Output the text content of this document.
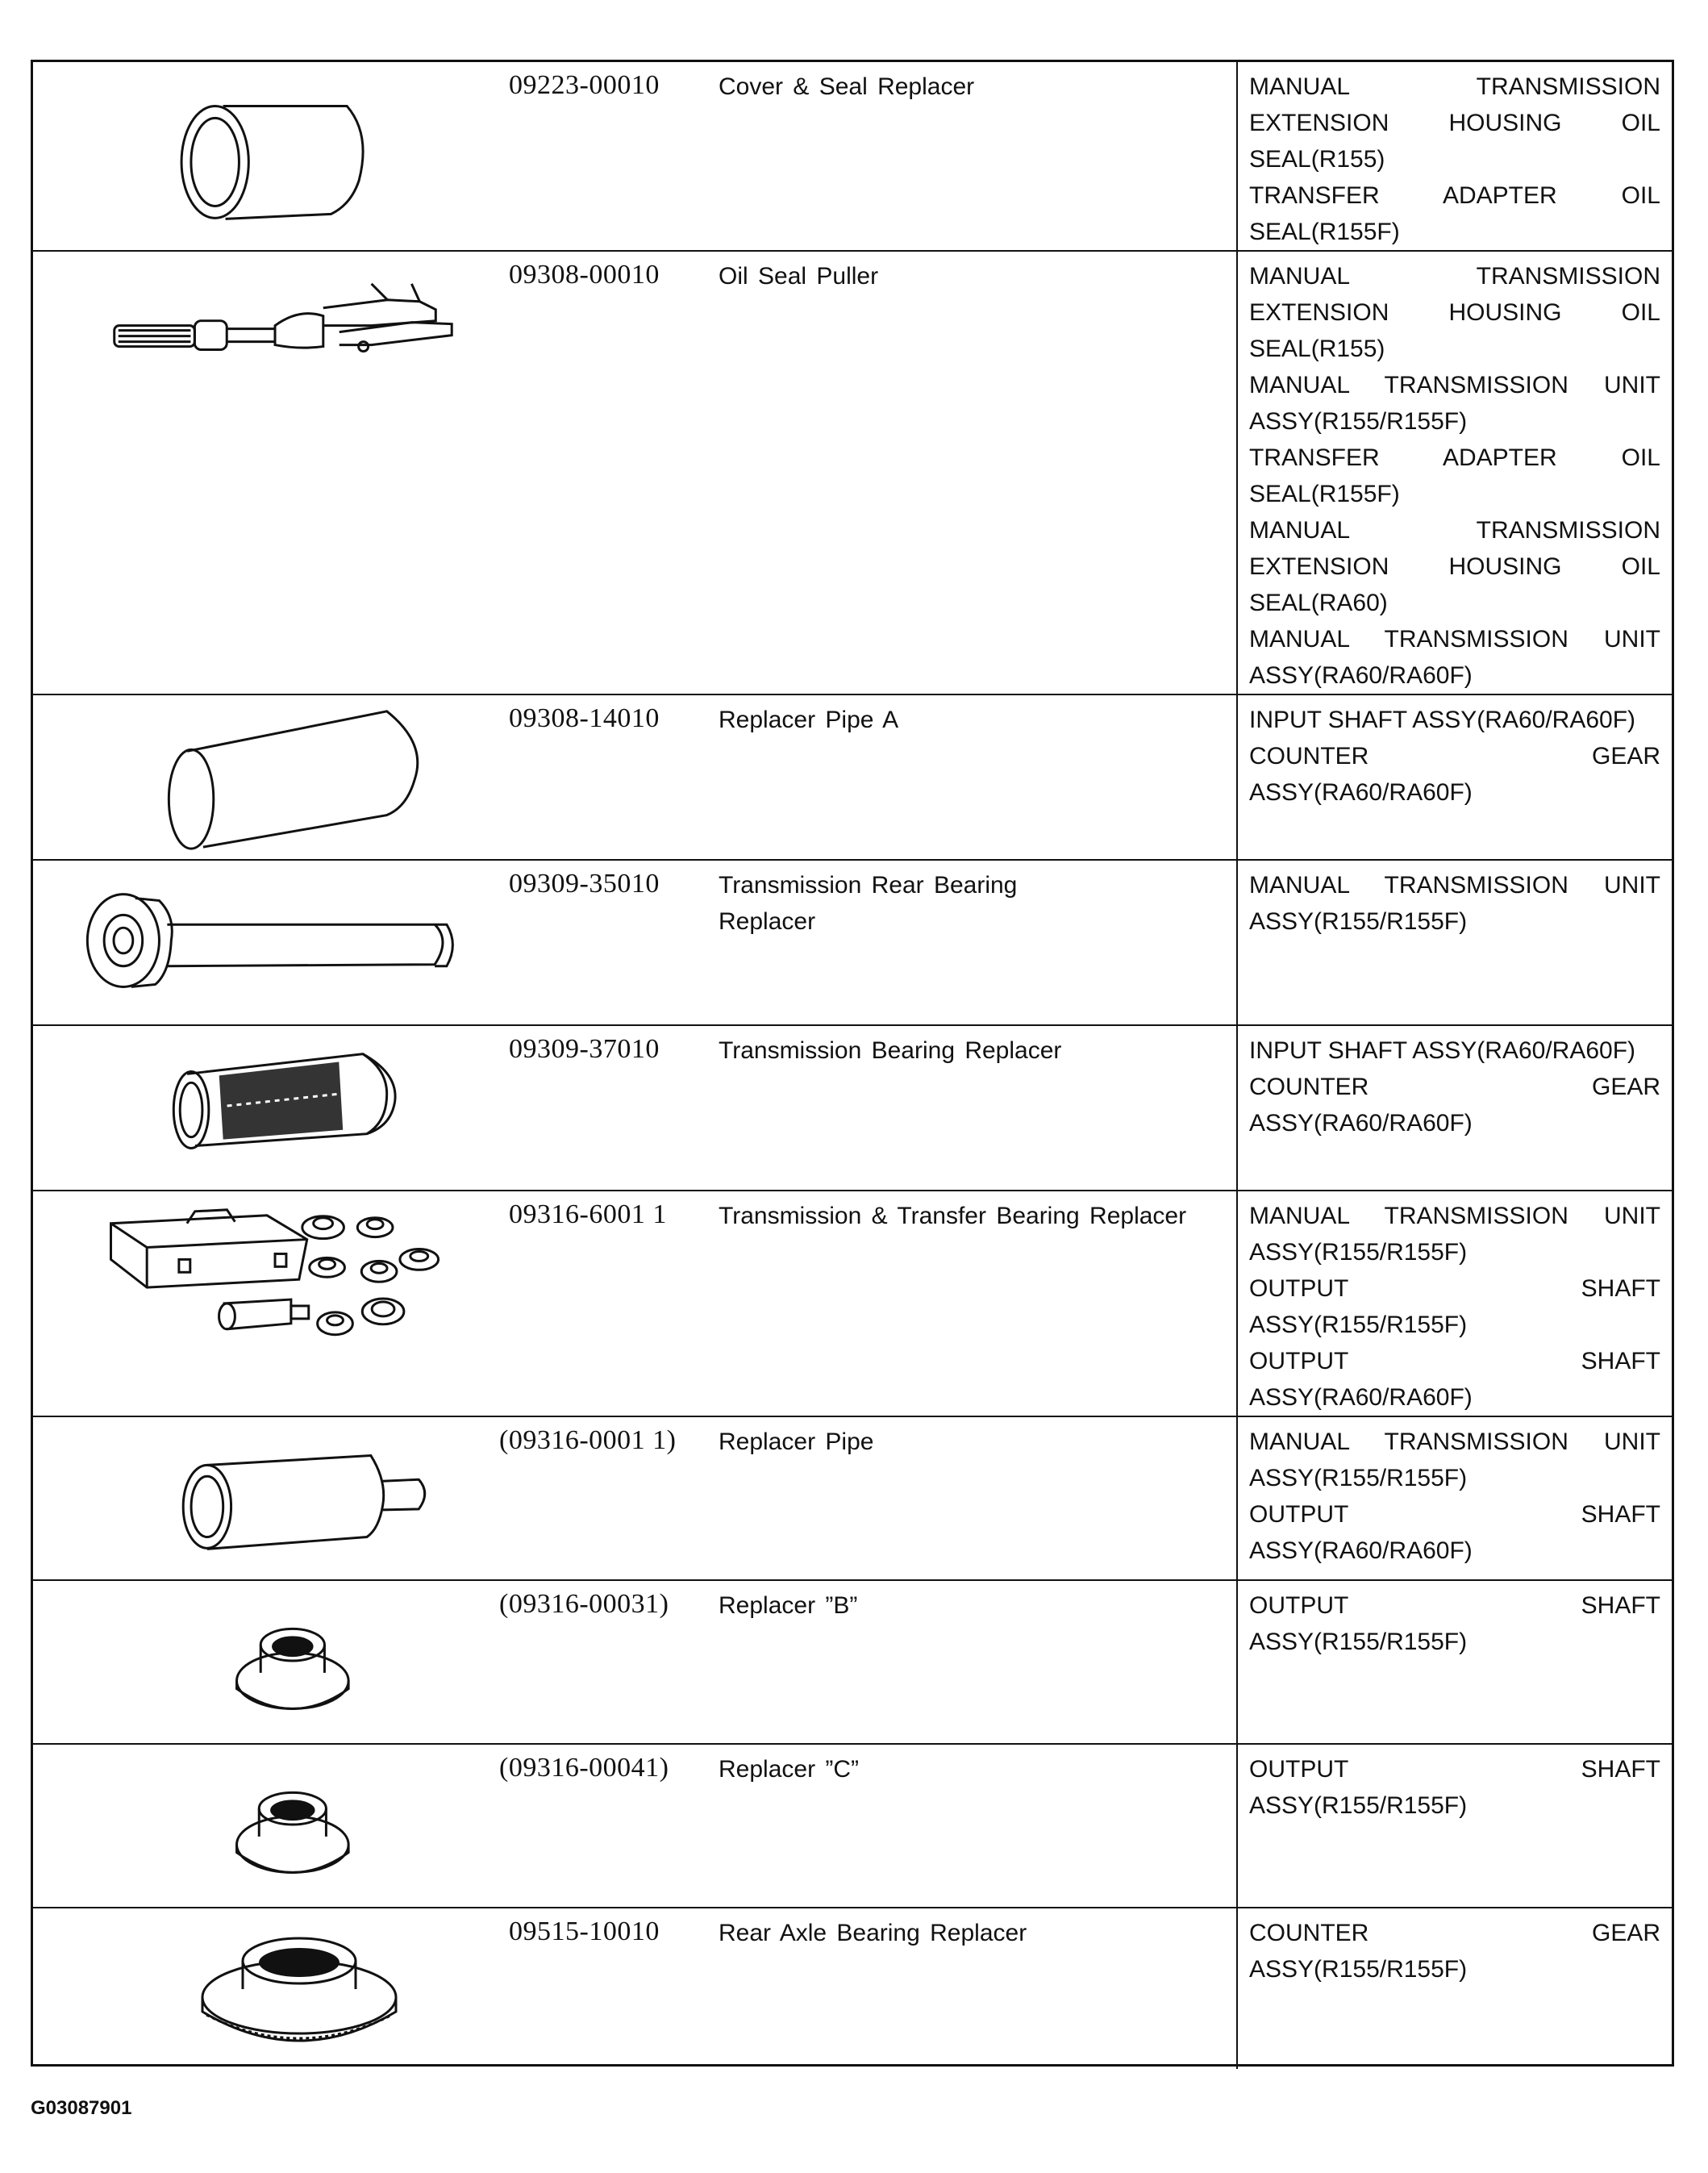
09223-00010	Cover & Seal Replacer	MANUAL TRANSMISSION
EXTENSION HOUSING OIL
SEAL(R155)
TRANSFER ADAPTER OIL
SEAL(R155F)
09308-00010	Oil Seal Puller	MANUAL TRANSMISSION
EXTENSION HOUSING OIL
SEAL(R155)
MANUAL TRANSMISSION UNIT
ASSY(R155/R155F)
TRANSFER ADAPTER OIL
SEAL(R155F)
MANUAL TRANSMISSION
EXTENSION HOUSING OIL
SEAL(RA60)
MANUAL TRANSMISSION UNIT
ASSY(RA60/RA60F)
09308-14010	Replacer Pipe A	INPUT SHAFT ASSY(RA60/RA60F)
COUNTER GEAR
ASSY(RA60/RA60F)
09309-35010	Transmission Rear Bearing Replacer
MANUAL TRANSMISSION UNIT
ASSY(R155/R155F)
09309-37010	Transmission Bearing Replacer	INPUT SHAFT ASSY(RA60/RA60F)
COUNTER GEAR
ASSY(RA60/RA60F)
09316-6001 1	Transmission & Transfer Bearing Replacer	MANUAL TRANSMISSION UNIT
ASSY(R155/R155F)
OUTPUT SHAFT
ASSY(R155/R155F)
OUTPUT SHAFT
ASSY(RA60/RA60F)
(09316-0001 1)	Replacer Pipe	MANUAL TRANSMISSION UNIT
ASSY(R155/R155F)
OUTPUT SHAFT
ASSY(RA60/RA60F)
(09316-00031)	Replacer ”B”	OUTPUT SHAFT
ASSY(R155/R155F)
(09316-00041)	Replacer ”C”	OUTPUT SHAFT
ASSY(R155/R155F)
09515-10010	Rear Axle Bearing Replacer	COUNTER GEAR
ASSY(R155/R155F)
G03087901
